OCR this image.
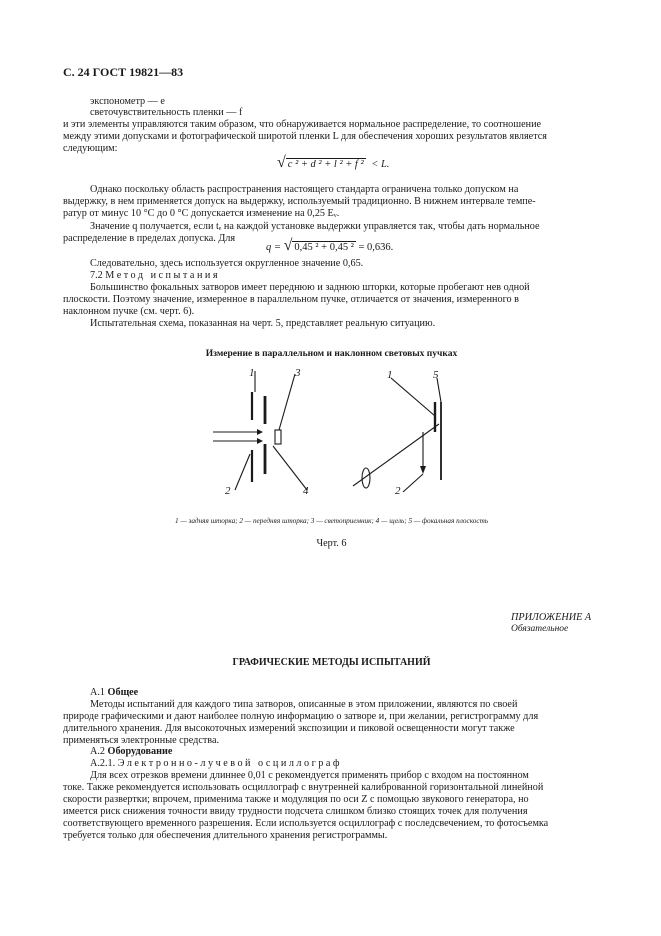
С. 24 ГОСТ 19821—83
экспонометр — e
светочувствительность пленки — f
и эти элементы управляются таким образом, что обнаруживается нормальное распределение, то соотношение
между этими допусками и фотографической широтой пленки L для обеспечения хороших результатов является
следующим:
√ c ² + d ² + l ² + f ² < L.
Однако поскольку область распространения настоящего стандарта ограничена только допуском на
выдержку, в нем применяется допуск на выдержку, используемый традиционно. В нижнем интервале темпе-
ратур от минус 10 °С до 0 °С допускается изменение на 0,25 Eᵥ.
Значение q получается, если tₑ на каждой установке выдержки управляется так, чтобы дать нормальное
распределение в пределах допуска. Для
q = √ 0,45 ² + 0,45 ² = 0,636.
Следовательно, здесь используется округленное значение 0,65.
7.2 Метод испытания
Большинство фокальных затворов имеет переднюю и заднюю шторки, которые пробегают нев одной
плоскости. Поэтому значение, измеренное в параллельном пучке, отличается от значения, измеренного в
наклонном пучке (см. черт. 6).
Испытательная схема, показанная на черт. 5, представляет реальную ситуацию.
Измерение в параллельном и наклонном световых пучках
1	3
2	4
1	5
2
1 — задняя шторка; 2 — передняя шторка; 3 — светоприемник; 4 — щель; 5 — фокальная плоскость
Черт. 6
ПРИЛОЖЕНИЕ А
Обязательное
ГРАФИЧЕСКИЕ МЕТОДЫ ИСПЫТАНИЙ
А.1 Общее
Методы испытаний для каждого типа затворов, описанные в этом приложении, являются по своей
природе графическими и дают наиболее полную информацию о затворе и, при желании, регистрограмму для
длительного хранения. Для высокоточных измерений экспозиции и пиковой освещенности могут также
применяться электронные средства.
А.2 Оборудование
А.2.1. Электронно-лучевой осциллограф
Для всех отрезков времени длиннее 0,01 с рекомендуется применять прибор с входом на постоянном
токе. Также рекомендуется использовать осциллограф с внутренней калиброванной горизонтальной линейной
скорости развертки; впрочем, применима также и модуляция по оси Z с помощью звукового генератора, но
имеется риск снижения точности ввиду трудности подсчета слишком близко стоящих точек для получения
соответствующего временного разрешения. Если используется осциллограф с последсвечением, то фотосъемка
требуется только для обеспечения длительного хранения регистрограммы.
